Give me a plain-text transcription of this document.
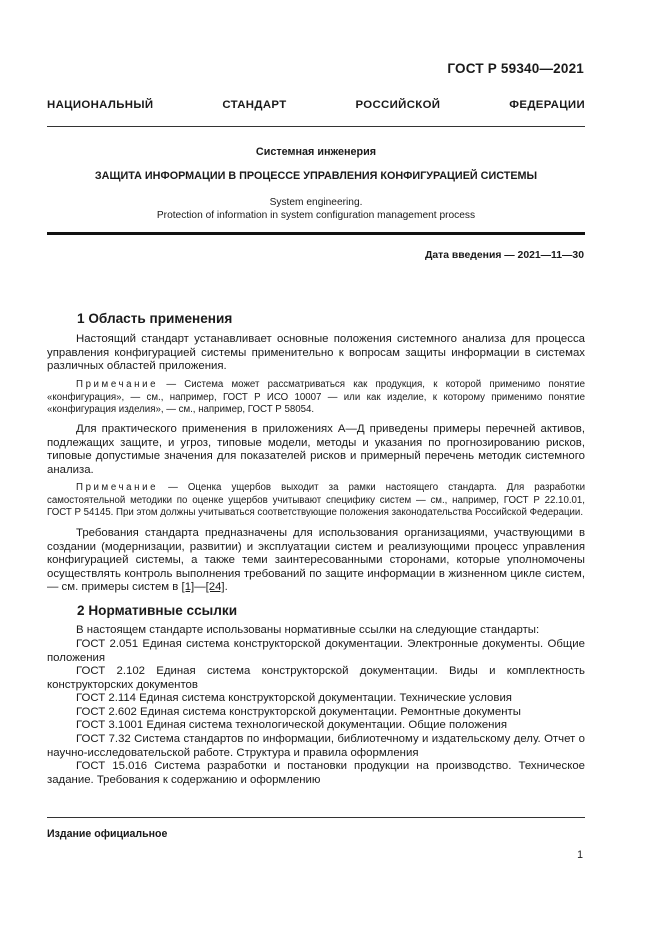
ГОСТ Р 59340—2021
НАЦИОНАЛЬНЫЙ СТАНДАРТ РОССИЙСКОЙ ФЕДЕРАЦИИ
Системная инженерия
ЗАЩИТА ИНФОРМАЦИИ В ПРОЦЕССЕ УПРАВЛЕНИЯ КОНФИГУРАЦИЕЙ СИСТЕМЫ
System engineering.
Protection of information in system configuration management process
Дата введения — 2021—11—30
1 Область применения
Настоящий стандарт устанавливает основные положения системного анализа для процесса управления конфигурацией системы применительно к вопросам защиты информации в системах различных областей приложения.
Примечание — Система может рассматриваться как продукция, к которой применимо понятие «конфигурация», — см., например, ГОСТ Р ИСО 10007 — или как изделие, к которому применимо понятие «конфигурация изделия», — см., например, ГОСТ Р 58054.
Для практического применения в приложениях А—Д приведены примеры перечней активов, подлежащих защите, и угроз, типовые модели, методы и указания по прогнозированию рисков, типовые допустимые значения для показателей рисков и примерный перечень методик системного анализа.
Примечание — Оценка ущербов выходит за рамки настоящего стандарта. Для разработки самостоятельной методики по оценке ущербов учитывают специфику систем — см., например, ГОСТ Р 22.10.01, ГОСТ Р 54145. При этом должны учитываться соответствующие положения законодательства Российской Федерации.
Требования стандарта предназначены для использования организациями, участвующими в создании (модернизации, развитии) и эксплуатации систем и реализующими процесс управления конфигурацией системы, а также теми заинтересованными сторонами, которые уполномочены осуществлять контроль выполнения требований по защите информации в жизненном цикле систем, — см. примеры систем в [1]—[24].
2 Нормативные ссылки
В настоящем стандарте использованы нормативные ссылки на следующие стандарты:
ГОСТ 2.051 Единая система конструкторской документации. Электронные документы. Общие положения
ГОСТ 2.102 Единая система конструкторской документации. Виды и комплектность конструкторских документов
ГОСТ 2.114 Единая система конструкторской документации. Технические условия
ГОСТ 2.602 Единая система конструкторской документации. Ремонтные документы
ГОСТ 3.1001 Единая система технологической документации. Общие положения
ГОСТ 7.32 Система стандартов по информации, библиотечному и издательскому делу. Отчет о научно-исследовательской работе. Структура и правила оформления
ГОСТ 15.016 Система разработки и постановки продукции на производство. Техническое задание. Требования к содержанию и оформлению
Издание официальное
1
